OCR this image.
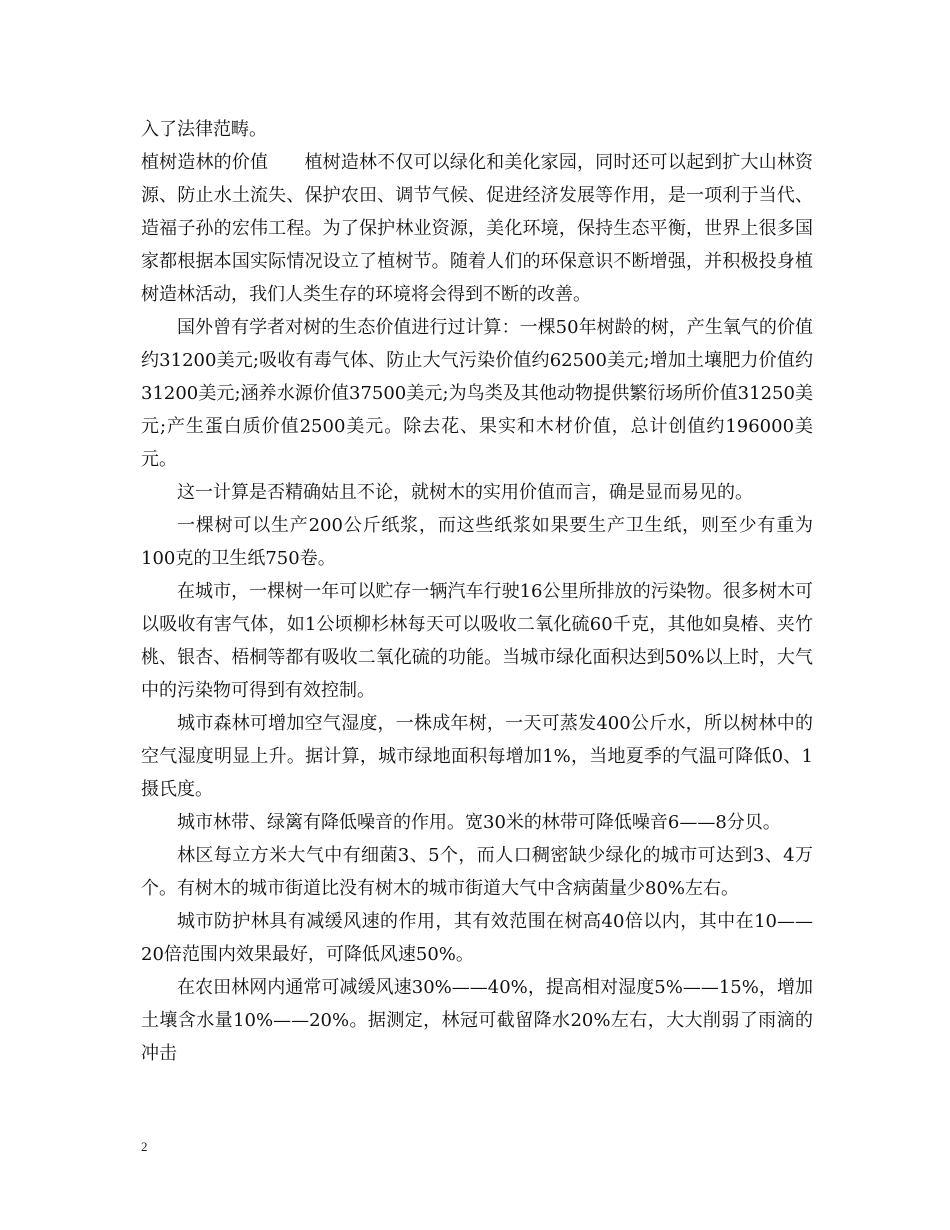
入了法律范畴。

植树造林的价值　　植树造林不仅可以绿化和美化家园，同时还可以起到扩大山林资源、防止水土流失、保护农田、调节气候、促进经济发展等作用，是一项利于当代、造福子孙的宏伟工程。为了保护林业资源，美化环境，保持生态平衡，世界上很多国家都根据本国实际情况设立了植树节。随着人们的环保意识不断增强，并积极投身植树造林活动，我们人类生存的环境将会得到不断的改善。

国外曾有学者对树的生态价值进行过计算：一棵50年树龄的树，产生氧气的价值约31200美元;吸收有毒气体、防止大气污染价值约62500美元;增加土壤肥力价值约31200美元;涵养水源价值37500美元;为鸟类及其他动物提供繁衍场所价值31250美元;产生蛋白质价值2500美元。除去花、果实和木材价值，总计创值约196000美元。

这一计算是否精确姑且不论，就树木的实用价值而言，确是显而易见的。

一棵树可以生产200公斤纸浆，而这些纸浆如果要生产卫生纸，则至少有重为100克的卫生纸750卷。

在城市，一棵树一年可以贮存一辆汽车行驶16公里所排放的污染物。很多树木可以吸收有害气体，如1公顷柳杉林每天可以吸收二氧化硫60千克，其他如臭椿、夹竹桃、银杏、梧桐等都有吸收二氧化硫的功能。当城市绿化面积达到50%以上时，大气中的污染物可得到有效控制。

城市森林可增加空气湿度，一株成年树，一天可蒸发400公斤水，所以树林中的空气湿度明显上升。据计算，城市绿地面积每增加1%，当地夏季的气温可降低0、1摄氏度。

城市林带、绿篱有降低噪音的作用。宽30米的林带可降低噪音6——8分贝。

林区每立方米大气中有细菌3、5个，而人口稠密缺少绿化的城市可达到3、4万个。有树木的城市街道比没有树木的城市街道大气中含病菌量少80%左右。

城市防护林具有减缓风速的作用，其有效范围在树高40倍以内，其中在10——20倍范围内效果最好，可降低风速50%。

在农田林网内通常可减缓风速30%——40%，提高相对湿度5%——15%，增加土壤含水量10%——20%。据测定，林冠可截留降水20%左右，大大削弱了雨滴的冲击

2
